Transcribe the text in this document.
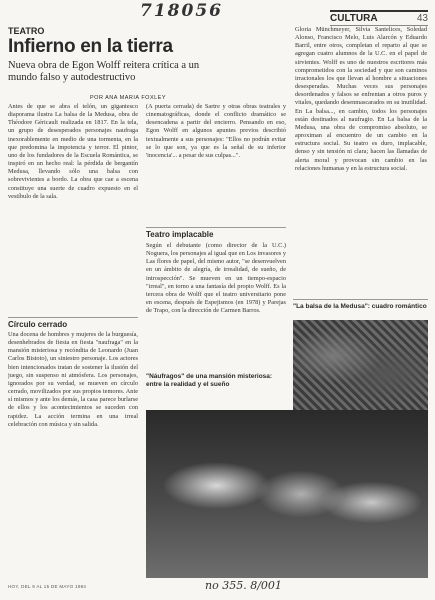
718056	CULTURA	43
TEATRO
Infierno en la tierra
Nueva obra de Egon Wolff reitera crítica a un mundo falso y autodestructivo
POR ANA MARIA FOXLEY

Antes de que se abra el telón, un gigantesco diaporama ilustra La balsa de la Medusa, obra de Théodore Géricault realizada en 1817. En la tela, un grupo de desesperados personajes naufraga inexorablemente en medio de una tormenta, en la que predomina la impotencia y terror. El pintor, uno de los fundadores de la Escuela Romántica, se inspiró en un hecho real: la pérdida de bergantín Medusa, llevando sólo una balsa con sobrevivientes a bordo. La obra que cae a escena constituye una suerte de cuadro expuesto en el vestíbulo de la sala.

Círculo cerrado

Una docena de hombres y mujeres de la burguesía, desenhebrados de fiesta en fiesta "naufraga" en la mansión misteriosa y recóndita de Leonardo (Juan Carlos Bistoto), un siniestro personaje. Los actores bien intencionados tratan de sostener la ilusión del juego, sin suspenso ni atmósfera. Los personajes, ignorados por su verdad, se mueven en círculo cerrado, movilizados por sus propios temores. Ante sí mismos y ante los demás, la casa parece burlarse de ellos y los acontecimientos se suceden con rapidez. La acción termina en una irreal celebración con música y sin salida.

(A puerta cerrada) de Sartre y otras obras teatrales y cinematográficas, donde el conflicto dramático se desencadena a partir del encierro. Pensando en eso, Egon Wolff en algunos apuntes previos describió textualmente a sus personajes: "Ellos no podrán evitar se lo que son, ya que es la señal de su inferior 'inocencia'... a pesar de sus culpas...".

Teatro implacable

Según el debutante (como director de la U.C.) Noguera, los personajes al igual que en Los invasores y Las flores de papel, del mismo autor, "se desenvuelven en un ámbito de alegría, de irrealidad, de sueño, de introspección". Se mueven en un tiempo-espacio "irreal", en torno a una fantasía del propio Wolff. Es la tercera obra de Wolff que el teatro universitario pone en escena, después de Espejismos (en 1978) y Parejas de Trapo, con la dirección de Carmen Barros.

Gloria Münchmeyer, Silvia Santelices, Soledad Alonso, Francisco Melo, Luis Alarcón y Eduardo Barril, entre otros, completan el reparto al que se agregan cuatro alumnos de la U.C. en el papel de sirvientes. Wolff es uno de nuestros escritores más comprometidos con la sociedad y que son caminos irracionales los que llevan al hombre a situaciones desesperadas. Muchas veces sus personajes desordenados y falsos se enfrentan a otros puros y vitales, quedando desenmascarados en su inutilidad. En La balsa..., en cambio, todos los personajes están destinados al naufragio. En La balsa de la Medusa, una obra de compromiso absoluto, se aproximan al encuentro de un cambio en la estructura social. Su teatro es duro, implacable, denso y sin tensión ni clara; hacen las llamadas de alerta moral y provocan sin cambio en las relaciones humanas y en la estructura social.

"La balsa de la Medusa": cuadro romántico
"Náufragos" de una mansión misteriosa: entre la realidad y el sueño
HOY, DEL 9 AL 15 DE MAYO 1984	no 355. 8/001
